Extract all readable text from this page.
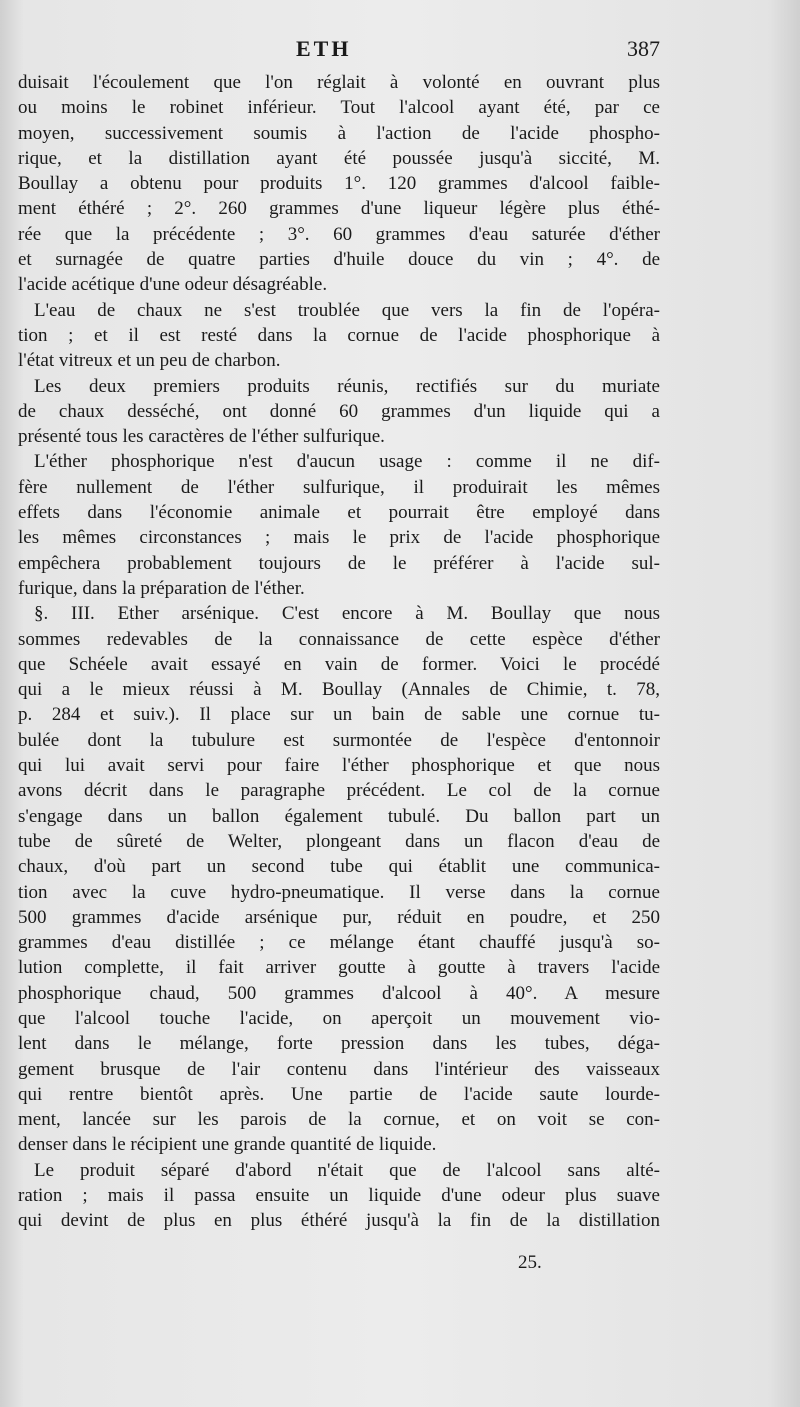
ETH	387
duisait l'écoulement que l'on réglait à volonté en ouvrant plus
ou moins le robinet inférieur. Tout l'alcool ayant été, par ce
moyen, successivement soumis à l'action de l'acide phospho-
rique, et la distillation ayant été poussée jusqu'à siccité, M.
Boullay a obtenu pour produits 1°. 120 grammes d'alcool faible-
ment éthéré ; 2°. 260 grammes d'une liqueur légère plus éthé-
rée que la précédente ; 3°. 60 grammes d'eau saturée d'éther
et surnagée de quatre parties d'huile douce du vin ; 4°. de
l'acide acétique d'une odeur désagréable.
L'eau de chaux ne s'est troublée que vers la fin de l'opéra-
tion ; et il est resté dans la cornue de l'acide phosphorique à
l'état vitreux et un peu de charbon.
Les deux premiers produits réunis, rectifiés sur du muriate
de chaux desséché, ont donné 60 grammes d'un liquide qui a
présenté tous les caractères de l'éther sulfurique.
L'éther phosphorique n'est d'aucun usage : comme il ne dif-
fère nullement de l'éther sulfurique, il produirait les mêmes
effets dans l'économie animale et pourrait être employé dans
les mêmes circonstances ; mais le prix de l'acide phosphorique
empêchera probablement toujours de le préférer à l'acide sul-
furique, dans la préparation de l'éther.
§. III. Ether arsénique. C'est encore à M. Boullay que nous
sommes redevables de la connaissance de cette espèce d'éther
que Schéele avait essayé en vain de former. Voici le procédé
qui a le mieux réussi à M. Boullay (Annales de Chimie, t. 78,
p. 284 et suiv.). Il place sur un bain de sable une cornue tu-
bulée dont la tubulure est surmontée de l'espèce d'entonnoir
qui lui avait servi pour faire l'éther phosphorique et que nous
avons décrit dans le paragraphe précédent. Le col de la cornue
s'engage dans un ballon également tubulé. Du ballon part un
tube de sûreté de Welter, plongeant dans un flacon d'eau de
chaux, d'où part un second tube qui établit une communica-
tion avec la cuve hydro-pneumatique. Il verse dans la cornue
500 grammes d'acide arsénique pur, réduit en poudre, et 250
grammes d'eau distillée ; ce mélange étant chauffé jusqu'à so-
lution complette, il fait arriver goutte à goutte à travers l'acide
phosphorique chaud, 500 grammes d'alcool à 40°. A mesure
que l'alcool touche l'acide, on aperçoit un mouvement vio-
lent dans le mélange, forte pression dans les tubes, déga-
gement brusque de l'air contenu dans l'intérieur des vaisseaux
qui rentre bientôt après. Une partie de l'acide saute lourde-
ment, lancée sur les parois de la cornue, et on voit se con-
denser dans le récipient une grande quantité de liquide.
Le produit séparé d'abord n'était que de l'alcool sans alté-
ration ; mais il passa ensuite un liquide d'une odeur plus suave
qui devint de plus en plus éthéré jusqu'à la fin de la distillation
25.
